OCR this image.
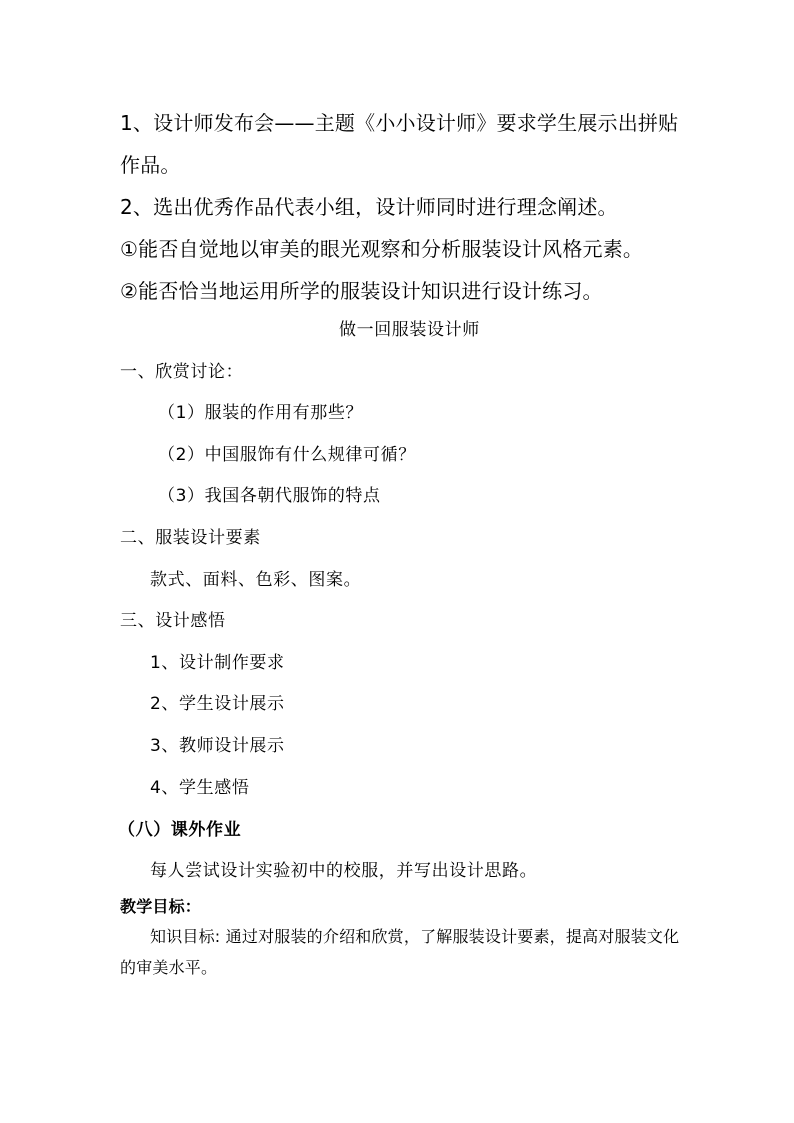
1、设计师发布会——主题《小小设计师》要求学生展示出拼贴
作品。
2、选出优秀作品代表小组，设计师同时进行理念阐述。
①能否自觉地以审美的眼光观察和分析服装设计风格元素。
②能否恰当地运用所学的服装设计知识进行设计练习。
做一回服装设计师
一、欣赏讨论：
（1）服装的作用有那些？
（2）中国服饰有什么规律可循？
（3）我国各朝代服饰的特点
二、服装设计要素
款式、面料、色彩、图案。
三、设计感悟
1、设计制作要求
2、学生设计展示
3、教师设计展示
4、学生感悟
（八）课外作业
每人尝试设计实验初中的校服，并写出设计思路。
教学目标：
知识目标: 通过对服装的介绍和欣赏，了解服装设计要素，提高对服装文化
的审美水平。
